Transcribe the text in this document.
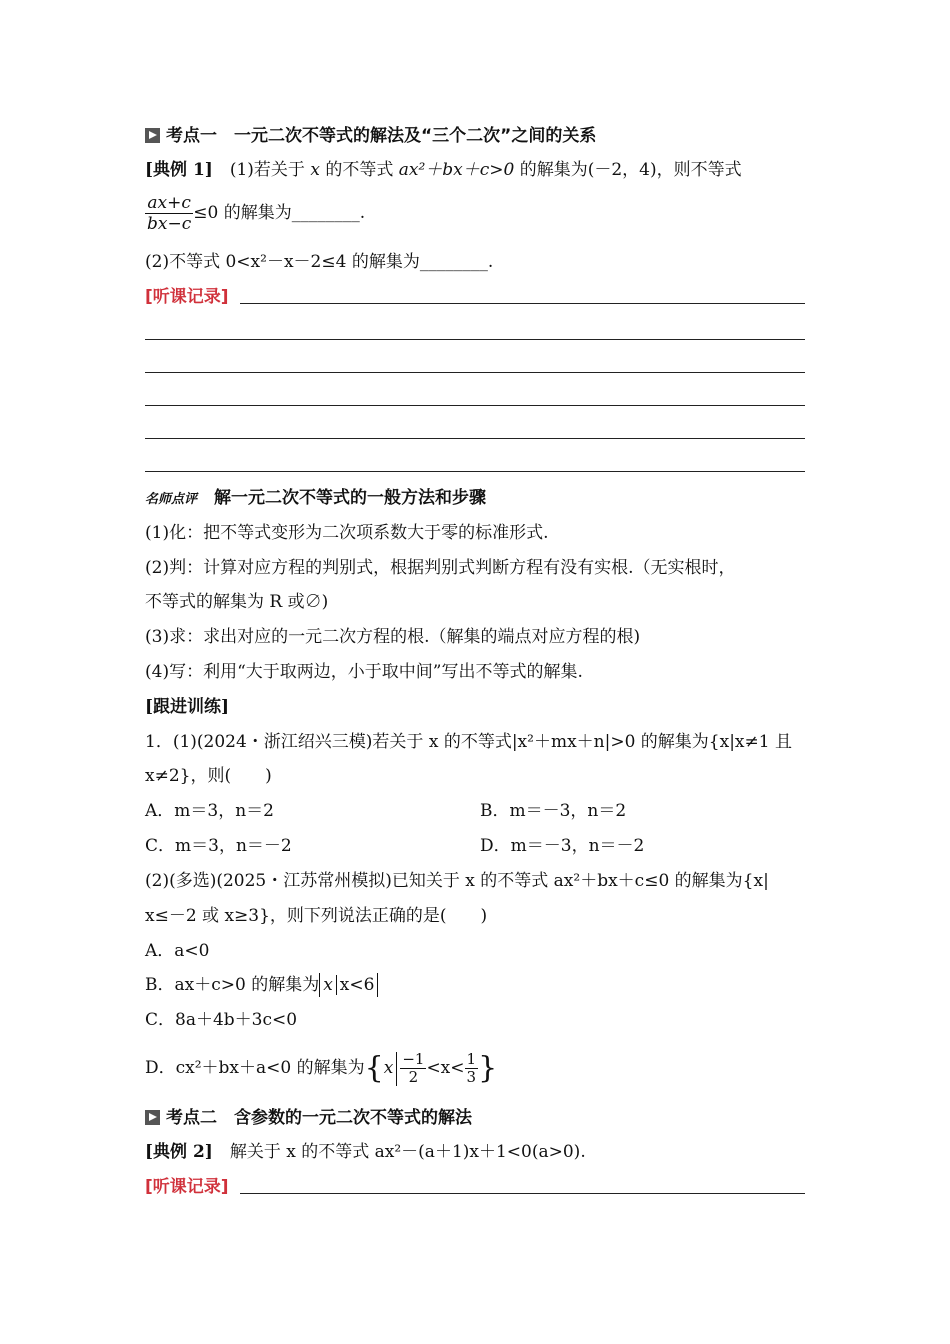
考点一　一元二次不等式的解法及“三个二次”之间的关系
[典例 1]　 (1)若关于 x 的不等式 ax²＋bx＋c>0 的解集为(－2，4)，则不等式
$\frac{ax+c}{bx-c} \le 0$ 的解集为________.
(2)不等式 0<x²－x－2≤4 的解集为________.
[听课记录]
名师点评　 解一元二次不等式的一般方法和步骤
(1)化：把不等式变形为二次项系数大于零的标准形式.
(2)判：计算对应方程的判别式，根据判别式判断方程有没有实根.（无实根时，
不等式的解集为 R 或∅)
(3)求：求出对应的一元二次方程的根.（解集的端点对应方程的根)
(4)写：利用“大于取两边，小于取中间”写出不等式的解集.
[跟进训练]
1．(1)(2024・浙江绍兴三模)若关于 x 的不等式|x²＋mx＋n|>0 的解集为{x|x≠1 且
x≠2}，则(　　)
A．m＝3，n＝2	B．m＝－3，n＝2
C．m＝3，n＝－2	D．m＝－3，n＝－2
(2)(多选)(2025・江苏常州模拟)已知关于 x 的不等式 ax²＋bx＋c≤0 的解集为{x|
x≤－2 或 x≥3}，则下列说法正确的是(　　)
A．a<0
B．ax＋c>0 的解集为 x x<6
C．8a＋4b＋3c<0
D．cx²＋bx＋a<0 的解集为{$x \frac{-1}{2} <x< \frac{1}{3}$ }
考点二　含参数的一元二次不等式的解法
[典例 2]　解关于 x 的不等式 ax²－(a＋1)x＋1<0(a>0).
[听课记录]
